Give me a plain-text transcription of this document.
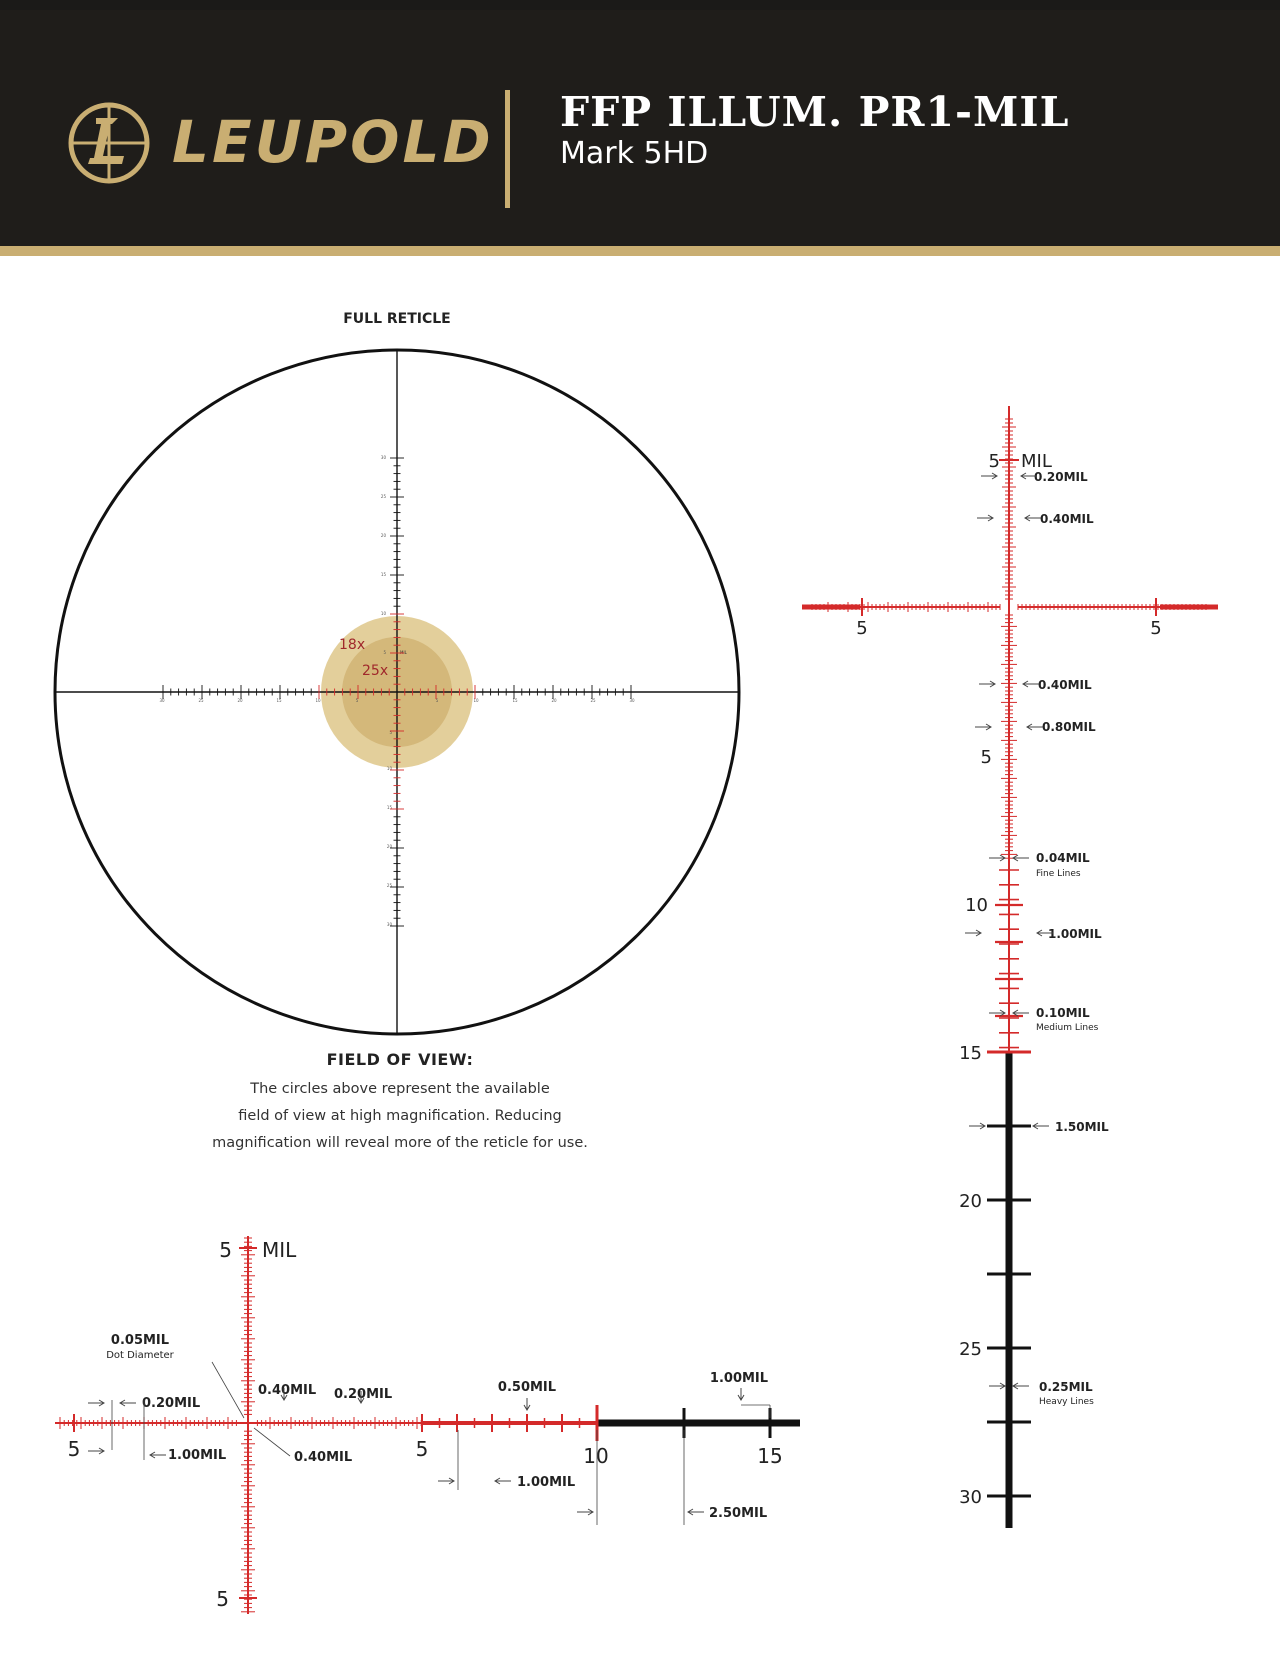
LEUPOLD FFP ILLUM. PR1-MIL
Mark 5HD
FULL RETICLE
18x
25x
MIL
30
25
20
15
10
5
5
10
15
20
25
30
30	25	20	15	10	5	5	10	15	20	25	30
5 MIL
5	5
5
10
15
20
25
30
0.20MIL
0.40MIL
0.40MIL
0.80MIL
0.04MIL
Fine Lines
1.00MIL
0.10MIL
Medium Lines
1.50MIL
0.25MIL
Heavy Lines
5 MIL
5
5	5	10	15
0.05MIL
Dot Diameter
0.20MIL
1.00MIL
0.40MIL 0.20MIL
0.40MIL
0.50MIL
1.00MIL
1.00MIL
2.50MIL
FIELD OF VIEW:
The circles above represent the available
field of view at high magnification. Reducing
magnification will reveal more of the reticle for use.
